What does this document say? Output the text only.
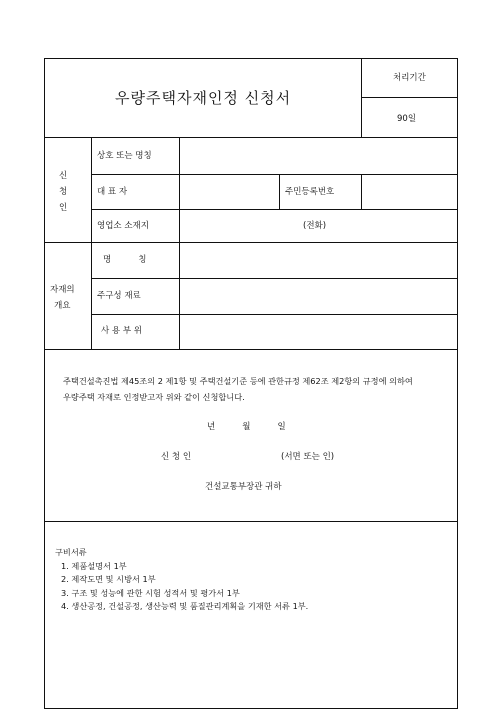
우량주택자재인정 신청서
처리기간
90일
신
청
인
상호 또는 명칭
대 표 자	주민등록번호
영업소 소재지	(전화)
자재의
개요
명          칭
주구성 재료
사 용 부 위
주택건설촉진법 제45조의 2 제1항 및 주택건설기준 등에 관한규정 제62조 제2항의 규정에 의하여
우량주택 자재로 인정받고자 위와 같이 신청합니다.
년          월          일
신 청 인	(서면 또는 인)
건설교통부장관 귀하
구비서류
1. 제품설명서 1부
2. 제작도면 및 시방서 1부
3. 구조 및 성능에 관한 시험 성적서 및 평가서 1부
4. 생산공정, 건설공정, 생산능력 및 품질관리계획을 기재한 서류 1부.
